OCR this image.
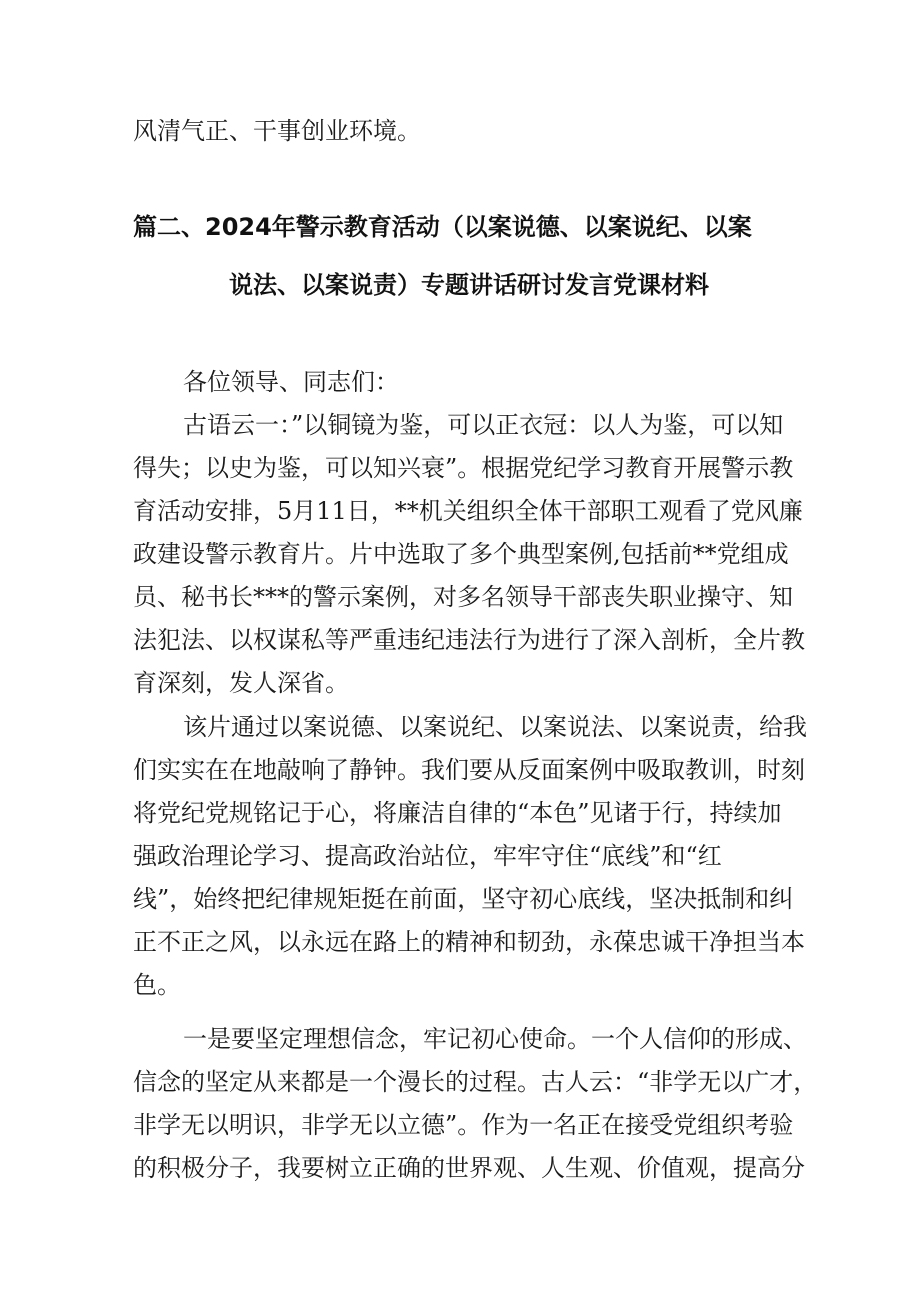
风清气正、干事创业环境。
篇二、2024年警示教育活动（以案说德、以案说纪、以案
说法、以案说责）专题讲话研讨发言党课材料
各位领导、同志们：
古语云一：”以铜镜为鉴，可以正衣冠：以人为鉴，可以知
得失；以史为鉴，可以知兴衰”。根据党纪学习教育开展警示教
育活动安排，5月11日，**机关组织全体干部职工观看了党风廉
政建设警示教育片。片中选取了多个典型案例,包括前**党组成
员、秘书长***的警示案例，对多名领导干部丧失职业操守、知
法犯法、以权谋私等严重违纪违法行为进行了深入剖析，全片教
育深刻，发人深省。
该片通过以案说德、以案说纪、以案说法、以案说责，给我
们实实在在地敲响了静钟。我们要从反面案例中吸取教训，时刻
将党纪党规铭记于心，将廉洁自律的“本色”见诸于行，持续加
强政治理论学习、提高政治站位，牢牢守住“底线”和“红
线”，始终把纪律规矩挺在前面，坚守初心底线，坚决抵制和纠
正不正之风，以永远在路上的精神和韧劲，永葆忠诚干净担当本
色。
一是要坚定理想信念，牢记初心使命。一个人信仰的形成、
信念的坚定从来都是一个漫长的过程。古人云：“非学无以广才，
非学无以明识，非学无以立德”。作为一名正在接受党组织考验
的积极分子，我要树立正确的世界观、人生观、价值观，提高分
